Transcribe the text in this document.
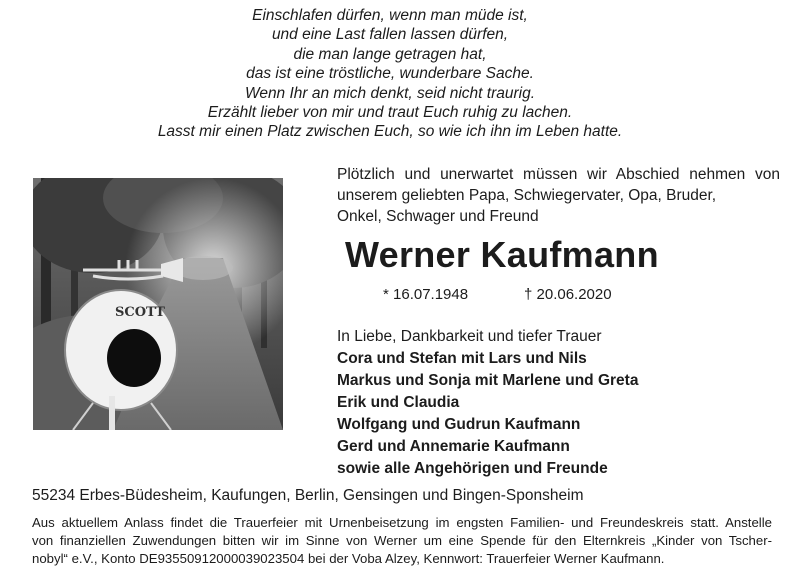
Einschlafen dürfen, wenn man müde ist,
und eine Last fallen lassen dürfen,
die man lange getragen hat,
das ist eine tröstliche, wunderbare Sache.
Wenn Ihr an mich denkt, seid nicht traurig.
Erzählt lieber von mir und traut Euch ruhig zu lachen.
Lasst mir einen Platz zwischen Euch, so wie ich ihn im Leben hatte.
SCOTT
Plötzlich und unerwartet müssen wir Abschied nehmen von
unserem geliebten Papa, Schwiegervater, Opa, Bruder,
Onkel, Schwager und Freund
Werner Kaufmann
* 16.07.1948	† 20.06.2020
In Liebe, Dankbarkeit und tiefer Trauer
Cora und Stefan mit Lars und Nils
Markus und Sonja mit Marlene und Greta
Erik und Claudia
Wolfgang und Gudrun Kaufmann
Gerd und Annemarie Kaufmann
sowie alle Angehörigen und Freunde
55234 Erbes-Büdesheim, Kaufungen, Berlin, Gensingen und Bingen-Sponsheim
Aus aktuellem Anlass findet die Trauerfeier mit Urnenbeisetzung im engsten Familien- und Freundeskreis statt. Anstelle
von finanziellen Zuwendungen bitten wir im Sinne von Werner um eine Spende für den Elternkreis „Kinder von Tscher-
nobyl“ e.V., Konto DE93550912000039023504 bei der Voba Alzey, Kennwort: Trauerfeier Werner Kaufmann.
